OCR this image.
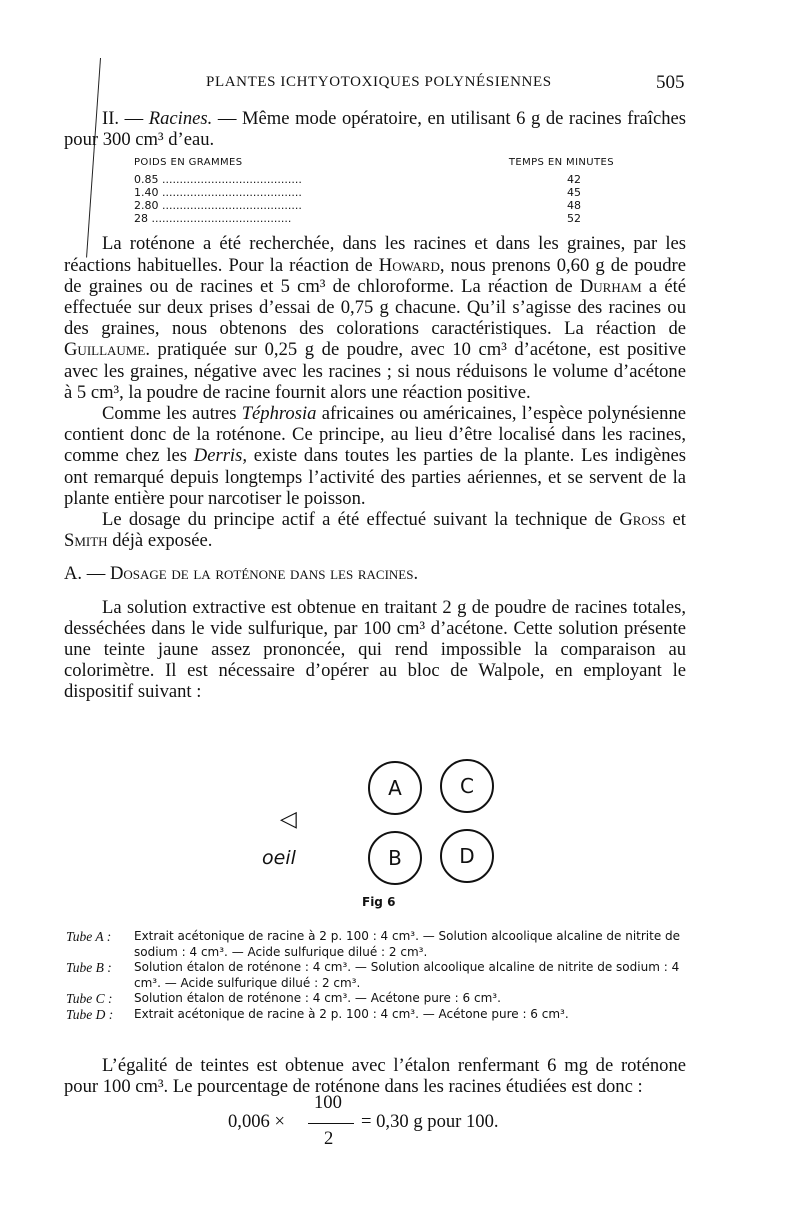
PLANTES ICHTYOTOXIQUES POLYNÉSIENNES	505

II. — Racines. — Même mode opératoire, en utilisant 6 g de racines fraîches pour 300 cm³ d’eau.

POIDS EN GRAMMES	TEMPS EN MINUTES
0.85 ........................................	42
1.40 ........................................	45
2.80 ........................................	48
28 ........................................	52

La roténone a été recherchée, dans les racines et dans les graines, par les réactions habituelles. Pour la réaction de Howard, nous prenons 0,60 g de poudre de graines ou de racines et 5 cm³ de chloroforme. La réaction de Durham a été effectuée sur deux prises d’essai de 0,75 g chacune. Qu’il s’agisse des racines ou des graines, nous obtenons des colorations caractéristiques. La réaction de Guillaume. pratiquée sur 0,25 g de poudre, avec 10 cm³ d’acétone, est positive avec les graines, négative avec les racines ; si nous réduisons le volume d’acétone à 5 cm³, la poudre de racine fournit alors une réaction positive.

Comme les autres Téphrosia africaines ou américaines, l’espèce polynésienne contient donc de la roténone. Ce principe, au lieu d’être localisé dans les racines, comme chez les Derris, existe dans toutes les parties de la plante. Les indigènes ont remarqué depuis longtemps l’activité des parties aériennes, et se servent de la plante entière pour narcotiser le poisson.

Le dosage du principe actif a été effectué suivant la technique de Gross et Smith déjà exposée.

A. — Dosage de la roténone dans les racines.

La solution extractive est obtenue en traitant 2 g de poudre de racines totales, desséchées dans le vide sulfurique, par 100 cm³ d’acétone. Cette solution présente une teinte jaune assez prononcée, qui rend impossible la comparaison au colorimètre. Il est nécessaire d’opérer au bloc de Walpole, en employant le dispositif suivant :

A	C
B	D
◁
oeil
Fig 6
Tube A :	Extrait acétonique de racine à 2 p. 100 : 4 cm³. — Solution alcoolique alcaline de nitrite de sodium : 4 cm³. — Acide sulfurique dilué : 2 cm³.
Tube B :	Solution étalon de roténone : 4 cm³. — Solution alcoolique alcaline de nitrite de sodium : 4 cm³. — Acide sulfurique dilué : 2 cm³.
Tube C :	Solution étalon de roténone : 4 cm³. — Acétone pure : 6 cm³.
Tube D :	Extrait acétonique de racine à 2 p. 100 : 4 cm³. — Acétone pure : 6 cm³.

L’égalité de teintes est obtenue avec l’étalon renfermant 6 mg de roténone pour 100 cm³. Le pourcentage de roténone dans les racines étudiées est donc :

0,006 ×
100
2
= 0,30 g pour 100.
